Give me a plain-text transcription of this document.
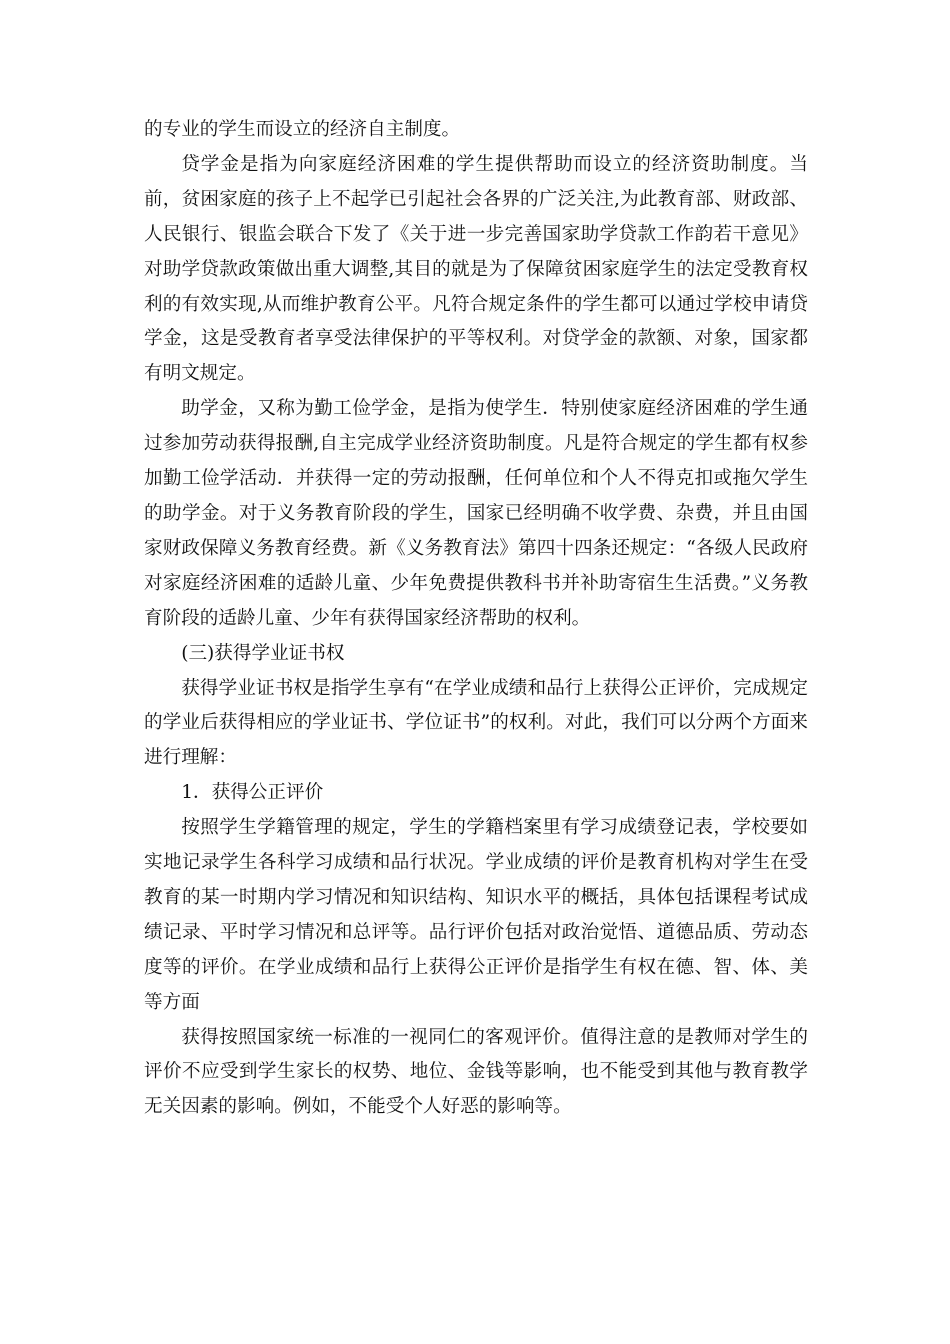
的专业的学生而设立的经济自主制度。

贷学金是指为向家庭经济困难的学生提供帮助而设立的经济资助制度。当前，贫困家庭的孩子上不起学已引起社会各界的广泛关注,为此教育部、财政部、人民银行、银监会联合下发了《关于进一步完善国家助学贷款工作韵若干意见》对助学贷款政策做出重大调整,其目的就是为了保障贫困家庭学生的法定受教育权利的有效实现,从而维护教育公平。凡符合规定条件的学生都可以通过学校申请贷学金，这是受教育者享受法律保护的平等权利。对贷学金的款额、对象，国家都有明文规定。

助学金，又称为勤工俭学金，是指为使学生．特别使家庭经济困难的学生通过参加劳动获得报酬,自主完成学业经济资助制度。凡是符合规定的学生都有权参加勤工俭学活动．并获得一定的劳动报酬，任何单位和个人不得克扣或拖欠学生的助学金。对于义务教育阶段的学生，国家已经明确不收学费、杂费，并且由国家财政保障义务教育经费。新《义务教育法》第四十四条还规定：“各级人民政府对家庭经济困难的适龄儿童、少年免费提供教科书并补助寄宿生生活费。”义务教育阶段的适龄儿童、少年有获得国家经济帮助的权利。

(三)获得学业证书权

获得学业证书权是指学生享有“在学业成绩和品行上获得公正评价，完成规定的学业后获得相应的学业证书、学位证书”的权利。对此，我们可以分两个方面来进行理解：

1．获得公正评价

按照学生学籍管理的规定，学生的学籍档案里有学习成绩登记表，学校要如实地记录学生各科学习成绩和品行状况。学业成绩的评价是教育机构对学生在受教育的某一时期内学习情况和知识结构、知识水平的概括，具体包括课程考试成绩记录、平时学习情况和总评等。品行评价包括对政治觉悟、道德品质、劳动态度等的评价。在学业成绩和品行上获得公正评价是指学生有权在德、智、体、美等方面

获得按照国家统一标准的一视同仁的客观评价。值得注意的是教师对学生的评价不应受到学生家长的权势、地位、金钱等影响，也不能受到其他与教育教学无关因素的影响。例如，不能受个人好恶的影响等。
